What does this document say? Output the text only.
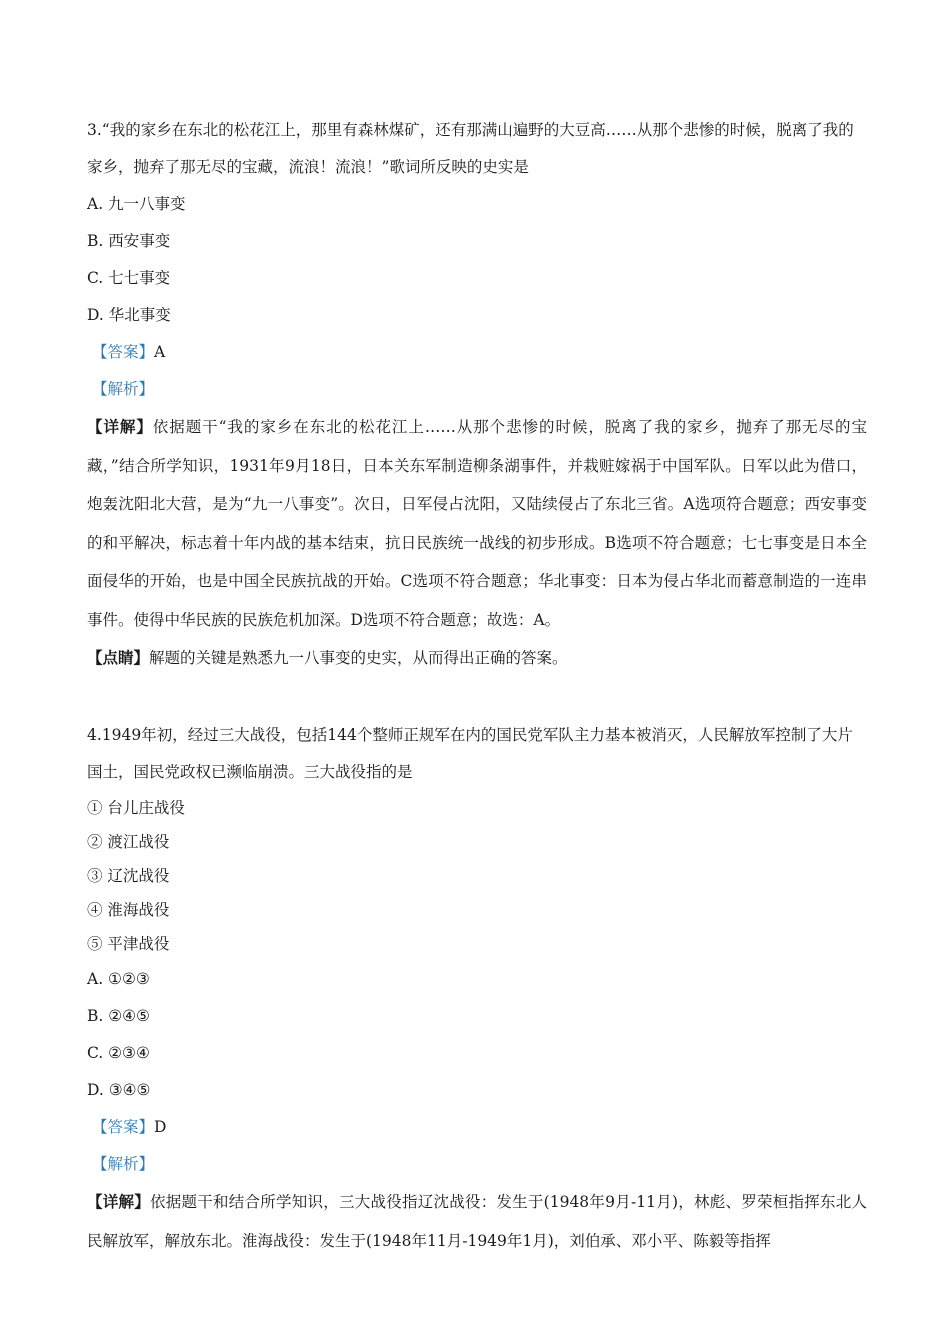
3.“我的家乡在东北的松花江上，那里有森林煤矿，还有那满山遍野的大豆高……从那个悲惨的时候，脱离了我的家乡，抛弃了那无尽的宝藏，流浪！流浪！”歌词所反映的史实是

A. 九一八事变

B. 西安事变

C. 七七事变

D. 华北事变

【答案】A

【解析】

【详解】依据题干“我的家乡在东北的松花江上……从那个悲惨的时候，脱离了我的家乡，抛弃了那无尽的宝藏，”结合所学知识，1931年9月18日，日本关东军制造柳条湖事件，并栽赃嫁祸于中国军队。日军以此为借口，炮轰沈阳北大营，是为“九一八事变”。次日，日军侵占沈阳，又陆续侵占了东北三省。A选项符合题意；西安事变的和平解决，标志着十年内战的基本结束，抗日民族统一战线的初步形成。B选项不符合题意；七七事变是日本全面侵华的开始，也是中国全民族抗战的开始。C选项不符合题意；华北事变：日本为侵占华北而蓄意制造的一连串事件。使得中华民族的民族危机加深。D选项不符合题意；故选：A。

【点睛】解题的关键是熟悉九一八事变的史实，从而得出正确的答案。

4.1949年初，经过三大战役，包括144个整师正规军在内的国民党军队主力基本被消灭，人民解放军控制了大片国土，国民党政权已濒临崩溃。三大战役指的是

① 台儿庄战役

② 渡江战役

③ 辽沈战役

④ 淮海战役

⑤ 平津战役

A. ①②③

B. ②④⑤

C. ②③④

D. ③④⑤

【答案】D

【解析】

【详解】依据题干和结合所学知识，三大战役指辽沈战役：发生于(1948年9月-11月)，林彪、罗荣桓指挥东北人民解放军，解放东北。淮海战役：发生于(1948年11月-1949年1月)，刘伯承、邓小平、陈毅等指挥
